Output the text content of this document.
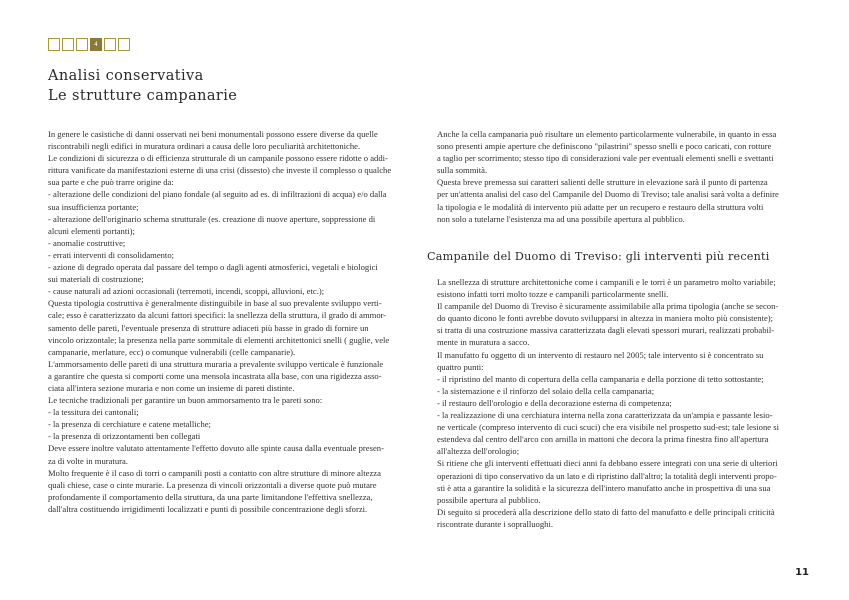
4
Analisi conservativa
Le strutture campanarie

In genere le casistiche di danni osservati nei beni monumentali possono essere diverse da quelle

riscontrabili negli edifici in muratura ordinari a causa delle loro peculiarità architettoniche.

Le condizioni di sicurezza o di efficienza strutturale di un campanile possono essere ridotte o addi-

rittura vanificate da manifestazioni esterne di una crisi (dissesto) che investe il complesso o qualche

sua parte e che può trarre origine da:

- alterazione delle condizioni del piano fondale (al seguito ad es. di infiltrazioni di acqua) e/o dalla

sua insufficienza portante;

- alterazione dell'originario schema strutturale (es. creazione di nuove aperture, soppressione di

alcuni elementi portanti);

- anomalie costruttive;

- errati interventi di consolidamento;

- azione di degrado operata dal passare del tempo o dagli agenti atmosferici, vegetali e biologici

sui materiali di costruzione;

- cause naturali ad azioni occasionali (terremoti, incendi, scoppi, alluvioni, etc.);

Questa tipologia costruttiva è generalmente distinguibile in base al suo prevalente sviluppo verti-

cale; esso è caratterizzato da alcuni fattori specifici: la snellezza della struttura, il grado di ammor-

samento delle pareti, l'eventuale presenza di strutture adiaceti più basse in grado di fornire un

vincolo orizzontale; la presenza nella parte sommitale di elementi architettonici snelli ( guglie, vele

campanarie, merlature, ecc) o comunque vulnerabili (celle campanarie).

L'ammorsamento delle pareti di una struttura muraria a prevalente sviluppo verticale è funzionale

a garantire che questa si comporti come una mensola incastrata alla base, con una rigidezza asso-

ciata all'intera sezione muraria e non come un insieme di pareti distinte.

Le tecniche tradizionali per garantire un buon ammorsamento tra le pareti sono:

- la tessitura dei cantonali;

- la presenza di cerchiature e catene metalliche;

- la presenza di orizzontamenti ben collegati

Deve essere inoltre valutato attentamente l'effetto dovuto alle spinte causa dalla eventuale presen-

za di volte in muratura.

Molto frequente è il caso di torri o campanili posti a contatto con altre strutture di minore altezza

quali chiese, case o cinte murarie. La presenza di vincoli orizzontali a diverse quote può mutare

profondamente il comportamento della struttura, da una parte limitandone l'effettiva snellezza,

dall'altra costituendo irrigidimenti localizzati e punti di possibile concentrazione degli sforzi.

Anche la cella campanaria può risultare un elemento particolarmente vulnerabile, in quanto in essa

sono presenti ampie aperture che definiscono "pilastrini" spesso snelli e poco caricati, con rotture

a taglio per scorrimento; stesso tipo di considerazioni vale per eventuali elementi snelli e svettanti

sulla sommità.

Questa breve premessa sui caratteri salienti delle strutture in elevazione sarà il punto di partenza

per un'attenta analisi del caso del Campanile del Duomo di Treviso; tale analisi sarà volta a definire

la tipologia e le modalità di intervento più adatte per un recupero e restauro della struttura volti

non solo a tutelarne l'esistenza ma ad una possibile apertura al pubblico.

Campanile del Duomo di Treviso: gli interventi più recenti

La snellezza di strutture architettoniche come i campanili e le torri è un parametro molto variabile;

esistono infatti torri molto tozze e campanili particolarmente snelli.

Il campanile del Duomo di Treviso è sicuramente assimilabile alla prima tipologia (anche se secon-

do quanto dicono le fonti avrebbe dovuto svilupparsi in altezza in maniera molto più consistente);

si tratta di una costruzione massiva caratterizzata dagli elevati spessori murari, realizzati probabil-

mente in muratura a sacco.

Il manufatto fu oggetto di un intervento di restauro nel 2005; tale intervento si è concentrato su

quattro punti:

- il ripristino del manto di copertura della cella campanaria e della porzione di tetto sottostante;

- la sistemazione e il rinforzo del solaio della cella campanaria;

- il restauro dell'orologio e della decorazione esterna di competenza;

- la realizzazione di una cerchiatura interna nella zona caratterizzata da un'ampia e passante lesio-

ne verticale (compreso intervento di cuci scuci) che era visibile nel prospetto sud-est; tale lesione si

estendeva dal centro dell'arco con arnilla in mattoni che decora la prima finestra fino all'apertura

all'altezza dell'orologio;

Si ritiene che gli interventi effettuati dieci anni fa debbano essere integrati con una serie di ulteriori

operazioni di tipo conservativo da un lato e di ripristino dall'altro; la totalità degli interventi propo-

sti è atta a garantire la solidità e la sicurezza dell'intero manufatto anche in prospettiva di una sua

possibile apertura al pubblico.

Di seguito si procederà alla descrizione dello stato di fatto del manufatto e delle principali criticità

riscontrate durante i sopralluoghi.

11
